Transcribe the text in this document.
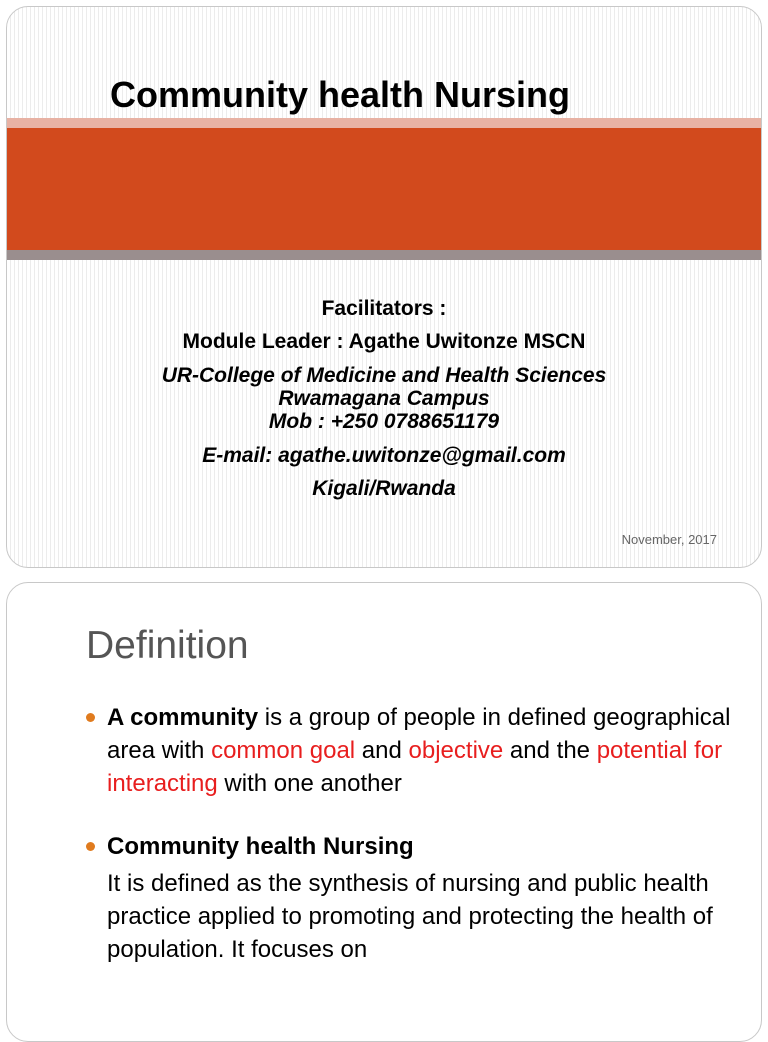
Community health Nursing
Facilitators :
Module Leader : Agathe Uwitonze MSCN
UR-College of Medicine and Health Sciences
Rwamagana Campus
Mob : +250 0788651179
E-mail: agathe.uwitonze@gmail.com
Kigali/Rwanda
November, 2017
Definition
A community is a group of people in defined geographical area with common goal and objective and the potential for interacting with one another
Community health Nursing
It is defined as the synthesis of nursing and public health practice applied to promoting and protecting the health of population. It focuses on
